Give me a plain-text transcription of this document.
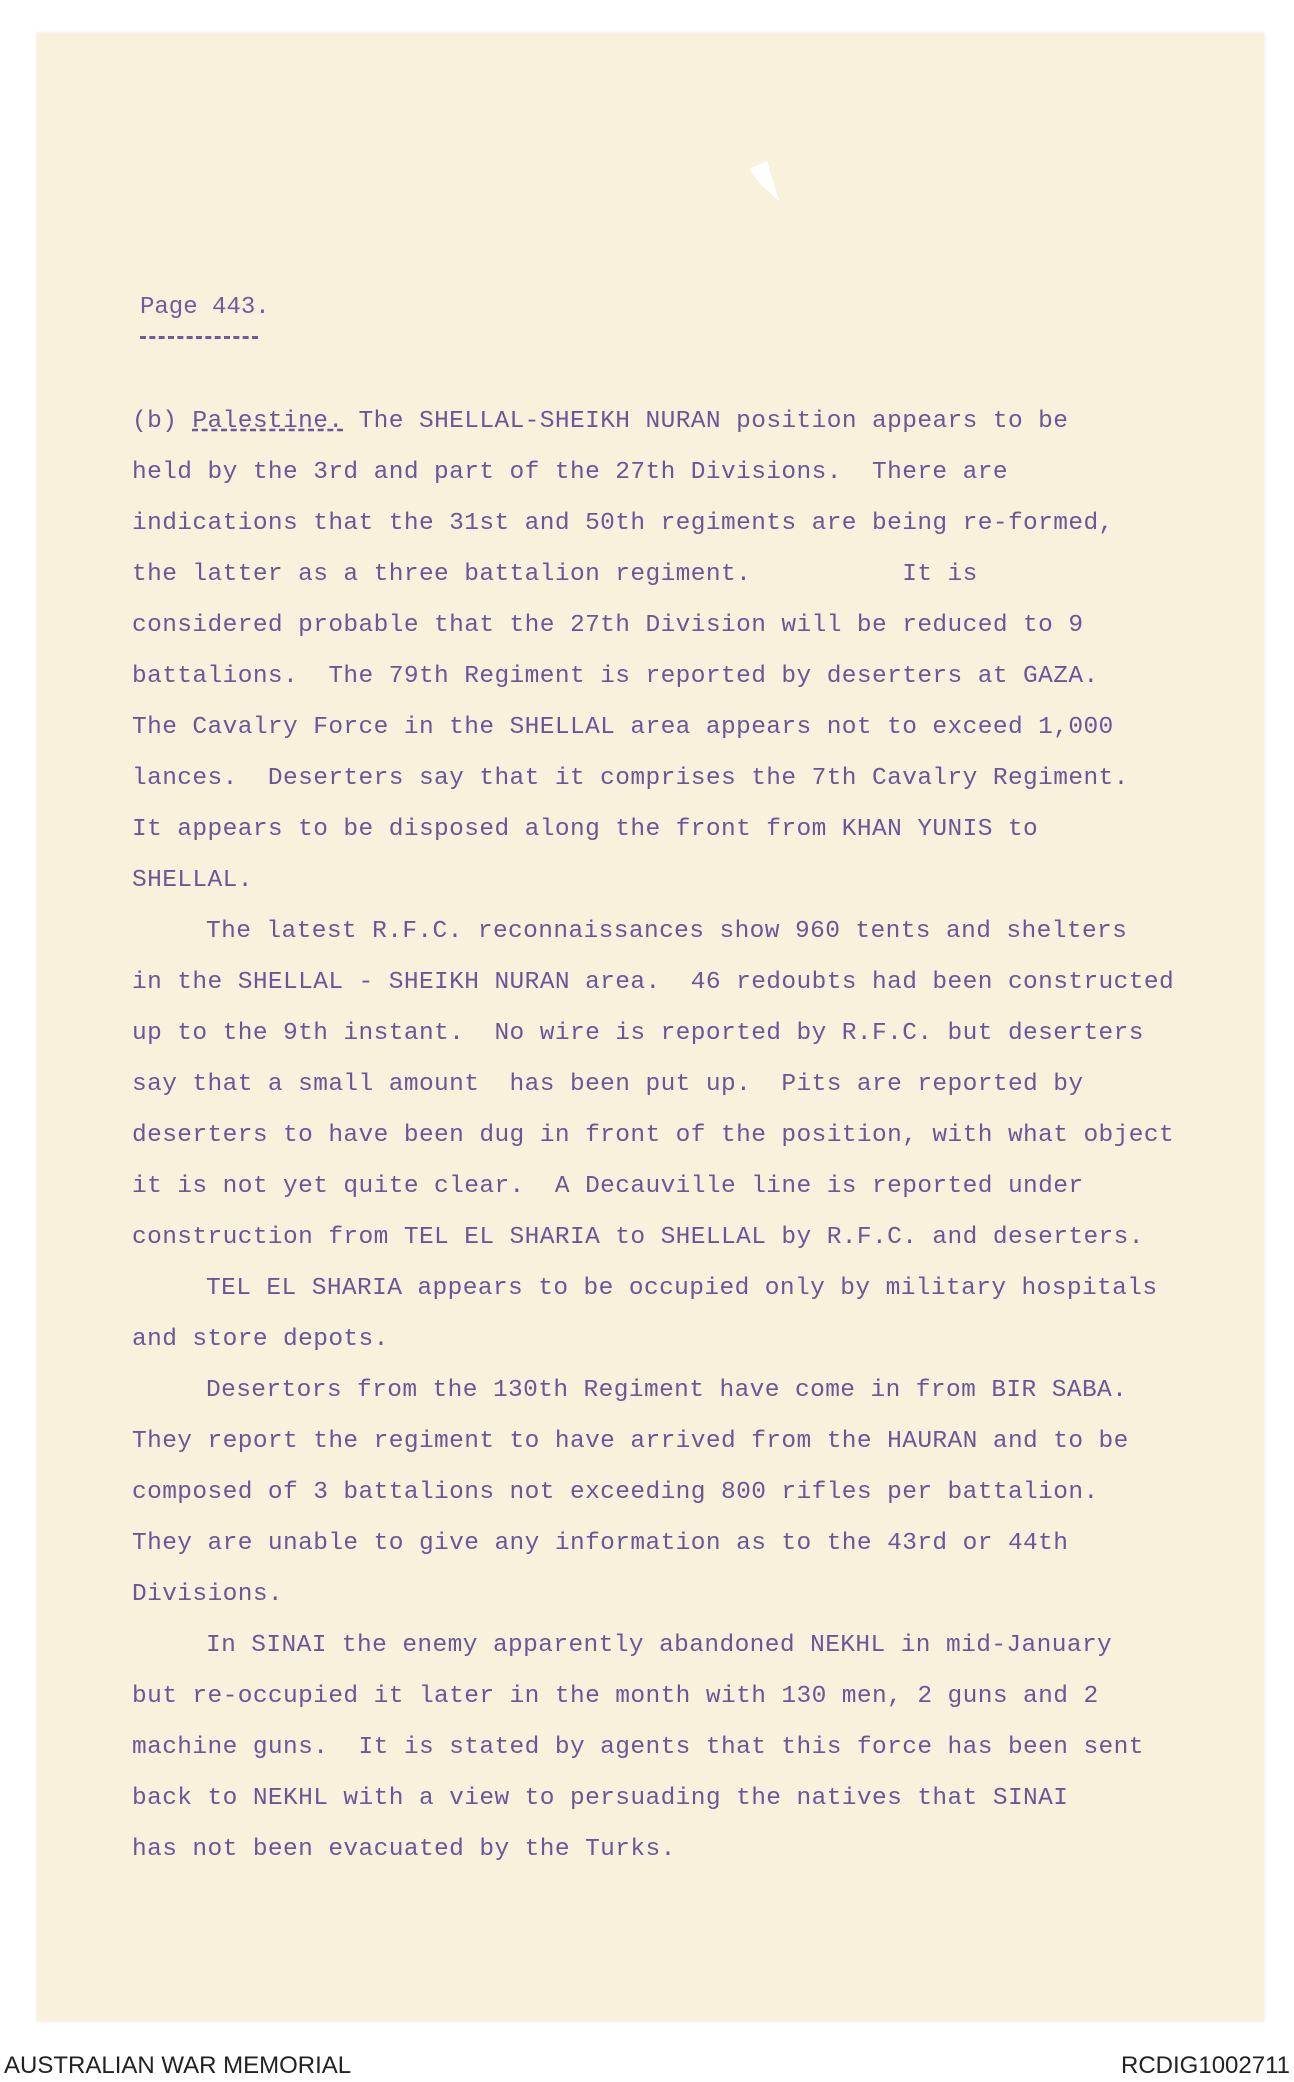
Page 443.
(b) Palestine. The SHELLAL-SHEIKH NURAN position appears to be
held by the 3rd and part of the 27th Divisions.  There are
indications that the 31st and 50th regiments are being re-formed,
the latter as a three battalion regiment.          It is
considered probable that the 27th Division will be reduced to 9
battalions.  The 79th Regiment is reported by deserters at GAZA.
The Cavalry Force in the SHELLAL area appears not to exceed 1,000
lances.  Deserters say that it comprises the 7th Cavalry Regiment.
It appears to be disposed along the front from KHAN YUNIS to
SHELLAL.
The latest R.F.C. reconnaissances show 960 tents and shelters
in the SHELLAL - SHEIKH NURAN area.  46 redoubts had been constructed
up to the 9th instant.  No wire is reported by R.F.C. but deserters
say that a small amount  has been put up.  Pits are reported by
deserters to have been dug in front of the position, with what object
it is not yet quite clear.  A Decauville line is reported under
construction from TEL EL SHARIA to SHELLAL by R.F.C. and deserters.
TEL EL SHARIA appears to be occupied only by military hospitals
and store depots.
Desertors from the 130th Regiment have come in from BIR SABA.
They report the regiment to have arrived from the HAURAN and to be
composed of 3 battalions not exceeding 800 rifles per battalion.
They are unable to give any information as to the 43rd or 44th
Divisions.
In SINAI the enemy apparently abandoned NEKHL in mid-January
but re-occupied it later in the month with 130 men, 2 guns and 2
machine guns.  It is stated by agents that this force has been sent
back to NEKHL with a view to persuading the natives that SINAI
has not been evacuated by the Turks.
AUSTRALIAN WAR MEMORIAL	RCDIG1002711
